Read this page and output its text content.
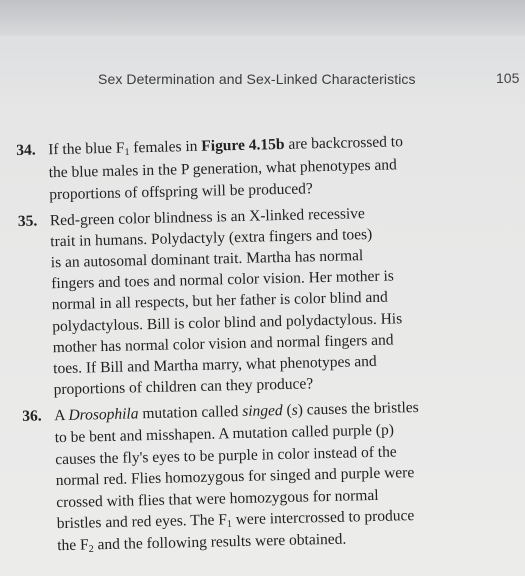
Sex Determination and Sex-Linked Characteristics	105
34. If the blue $F_1$ females in Figure 4.15b are backcrossed to
the blue males in the P generation, what phenotypes and
proportions of offspring will be produced?
35. Red-green color blindness is an X-linked recessive
trait in humans. Polydactyly (extra fingers and toes)
is an autosomal dominant trait. Martha has normal
fingers and toes and normal color vision. Her mother is
normal in all respects, but her father is color blind and
polydactylous. Bill is color blind and polydactylous. His
mother has normal color vision and normal fingers and
toes. If Bill and Martha marry, what phenotypes and
proportions of children can they produce?
36. A Drosophila mutation called singed (s) causes the bristles
to be bent and misshapen. A mutation called purple (p)
causes the fly's eyes to be purple in color instead of the
normal red. Flies homozygous for singed and purple were
crossed with flies that were homozygous for normal
bristles and red eyes. The $F_1$ were intercrossed to produce
the $F_2$ and the following results were obtained.
